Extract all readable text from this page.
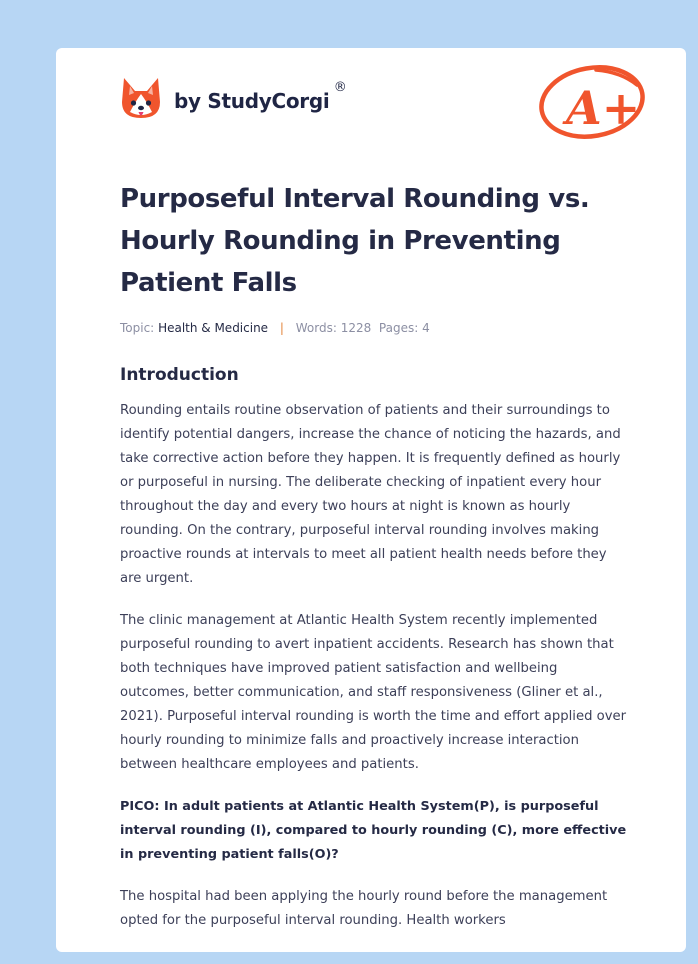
by StudyCorgi
®	A+
Purposeful Interval Rounding vs. Hourly Rounding in Preventing Patient Falls
Topic: Health & Medicine | Words: 1228 Pages: 4
Introduction

Rounding entails routine observation of patients and their surroundings to identify potential dangers, increase the chance of noticing the hazards, and take corrective action before they happen. It is frequently defined as hourly or purposeful in nursing. The deliberate checking of inpatient every hour throughout the day and every two hours at night is known as hourly rounding. On the contrary, purposeful interval rounding involves making proactive rounds at intervals to meet all patient health needs before they are urgent.

The clinic management at Atlantic Health System recently implemented purposeful rounding to avert inpatient accidents. Research has shown that both techniques have improved patient satisfaction and wellbeing outcomes, better communication, and staff responsiveness (Gliner et al., 2021). Purposeful interval rounding is worth the time and effort applied over hourly rounding to minimize falls and proactively increase interaction between healthcare employees and patients.

PICO: In adult patients at Atlantic Health System(P), is purposeful interval rounding (I), compared to hourly rounding (C), more effective in preventing patient falls(O)?

The hospital had been applying the hourly round before the management opted for the purposeful interval rounding. Health workers
